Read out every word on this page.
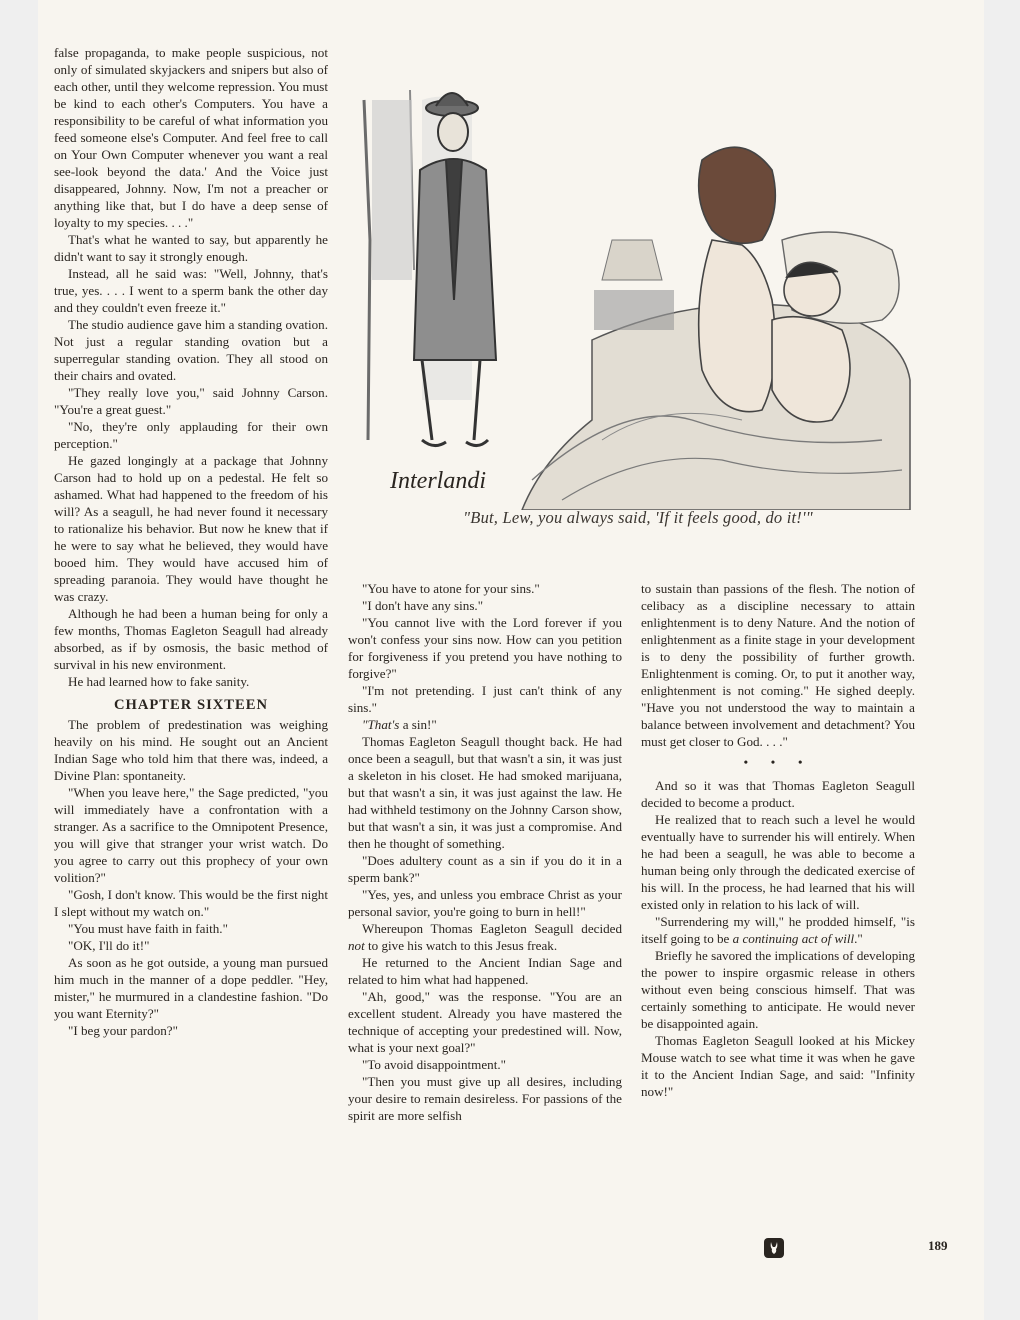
false propaganda, to make people suspicious, not only of simulated skyjackers and snipers but also of each other, until they welcome repression. You must be kind to each other's Computers. You have a responsibility to be careful of what information you feed someone else's Computer. And feel free to call on Your Own Computer whenever you want a real see-look beyond the data.' And the Voice just disappeared, Johnny. Now, I'm not a preacher or anything like that, but I do have a deep sense of loyalty to my species. . . ."

That's what he wanted to say, but apparently he didn't want to say it strongly enough.

Instead, all he said was: "Well, Johnny, that's true, yes. . . . I went to a sperm bank the other day and they couldn't even freeze it."

The studio audience gave him a standing ovation. Not just a regular standing ovation but a superregular standing ovation. They all stood on their chairs and ovated.

"They really love you," said Johnny Carson. "You're a great guest."

"No, they're only applauding for their own perception."

He gazed longingly at a package that Johnny Carson had to hold up on a pedestal. He felt so ashamed. What had happened to the freedom of his will? As a seagull, he had never found it necessary to rationalize his behavior. But now he knew that if he were to say what he believed, they would have booed him. They would have accused him of spreading paranoia. They would have thought he was crazy.

Although he had been a human being for only a few months, Thomas Eagleton Seagull had already absorbed, as if by osmosis, the basic method of survival in his new environment.

He had learned how to fake sanity.

CHAPTER SIXTEEN

The problem of predestination was weighing heavily on his mind. He sought out an Ancient Indian Sage who told him that there was, indeed, a Divine Plan: spontaneity.

"When you leave here," the Sage predicted, "you will immediately have a confrontation with a stranger. As a sacrifice to the Omnipotent Presence, you will give that stranger your wrist watch. Do you agree to carry out this prophecy of your own volition?"

"Gosh, I don't know. This would be the first night I slept without my watch on."

"You must have faith in faith."

"OK, I'll do it!"

As soon as he got outside, a young man pursued him much in the manner of a dope peddler. "Hey, mister," he murmured in a clandestine fashion. "Do you want Eternity?"

"I beg your pardon?"

Interlandi
"But, Lew, you always said, 'If it feels good, do it!'"

"You have to atone for your sins."

"I don't have any sins."

"You cannot live with the Lord forever if you won't confess your sins now. How can you petition for forgiveness if you pretend you have nothing to forgive?"

"I'm not pretending. I just can't think of any sins."

"That's a sin!"

Thomas Eagleton Seagull thought back. He had once been a seagull, but that wasn't a sin, it was just a skeleton in his closet. He had smoked marijuana, but that wasn't a sin, it was just against the law. He had withheld testimony on the Johnny Carson show, but that wasn't a sin, it was just a compromise. And then he thought of something.

"Does adultery count as a sin if you do it in a sperm bank?"

"Yes, yes, and unless you embrace Christ as your personal savior, you're going to burn in hell!"

Whereupon Thomas Eagleton Seagull decided not to give his watch to this Jesus freak.

He returned to the Ancient Indian Sage and related to him what had happened.

"Ah, good," was the response. "You are an excellent student. Already you have mastered the technique of accepting your predestined will. Now, what is your next goal?"

"To avoid disappointment."

"Then you must give up all desires, including your desire to remain desireless. For passions of the spirit are more selfish

to sustain than passions of the flesh. The notion of celibacy as a discipline necessary to attain enlightenment is to deny Nature. And the notion of enlightenment as a finite stage in your development is to deny the possibility of further growth. Enlightenment is coming. Or, to put it another way, enlightenment is not coming." He sighed deeply. "Have you not understood the way to maintain a balance between involvement and detachment? You must get closer to God. . . ."

• • •

And so it was that Thomas Eagleton Seagull decided to become a product.

He realized that to reach such a level he would eventually have to surrender his will entirely. When he had been a seagull, he was able to become a human being only through the dedicated exercise of his will. In the process, he had learned that his will existed only in relation to his lack of will.

"Surrendering my will," he prodded himself, "is itself going to be a continuing act of will."

Briefly he savored the implications of developing the power to inspire orgasmic release in others without even being conscious himself. That was certainly something to anticipate. He would never be disappointed again.

Thomas Eagleton Seagull looked at his Mickey Mouse watch to see what time it was when he gave it to the Ancient Indian Sage, and said: "Infinity now!"

189
